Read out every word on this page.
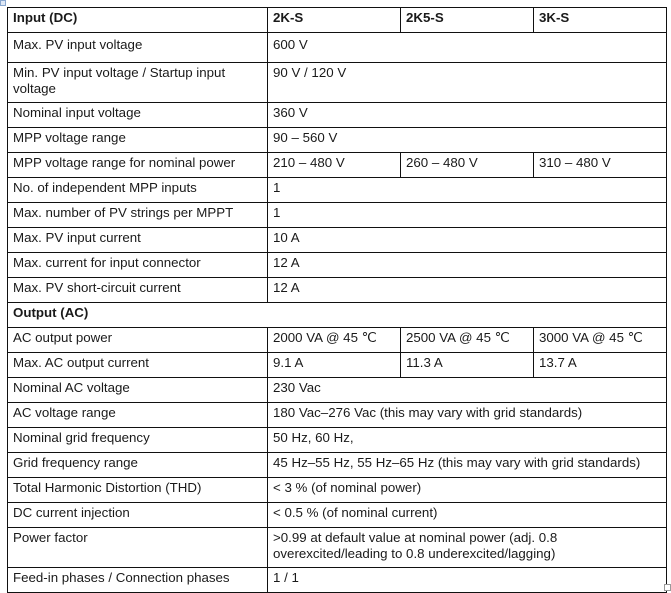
Input (DC)	2K-S	2K5-S	3K-S
Max. PV input voltage	600 V		
Min. PV input voltage / Startup input voltage	90 V / 120 V		
Nominal input voltage	360 V		
MPP voltage range	90 – 560 V		
MPP voltage range for nominal power	210 – 480 V	260 – 480 V	310 – 480 V
No. of independent MPP inputs	1		
Max. number of PV strings per MPPT	1		
Max. PV input current	10 A		
Max. current for input connector	12 A		
Max. PV short-circuit current	12 A		
Output (AC)			
AC output power	2000 VA @ 45 ℃	2500 VA @ 45 ℃	3000 VA @ 45 ℃
Max. AC output current	9.1 A	11.3 A	13.7 A
Nominal AC voltage	230 Vac		
AC voltage range	180 Vac–276 Vac (this may vary with grid standards)		
Nominal grid frequency	50 Hz, 60 Hz,		
Grid frequency range	45 Hz–55 Hz, 55 Hz–65 Hz (this may vary with grid standards)		
Total Harmonic Distortion (THD)	< 3 % (of nominal power)		
DC current injection	< 0.5 % (of nominal current)		
Power factor	>0.99 at default value at nominal power (adj. 0.8 overexcited/leading to 0.8 underexcited/lagging)		
Feed-in phases / Connection phases	1 / 1		
